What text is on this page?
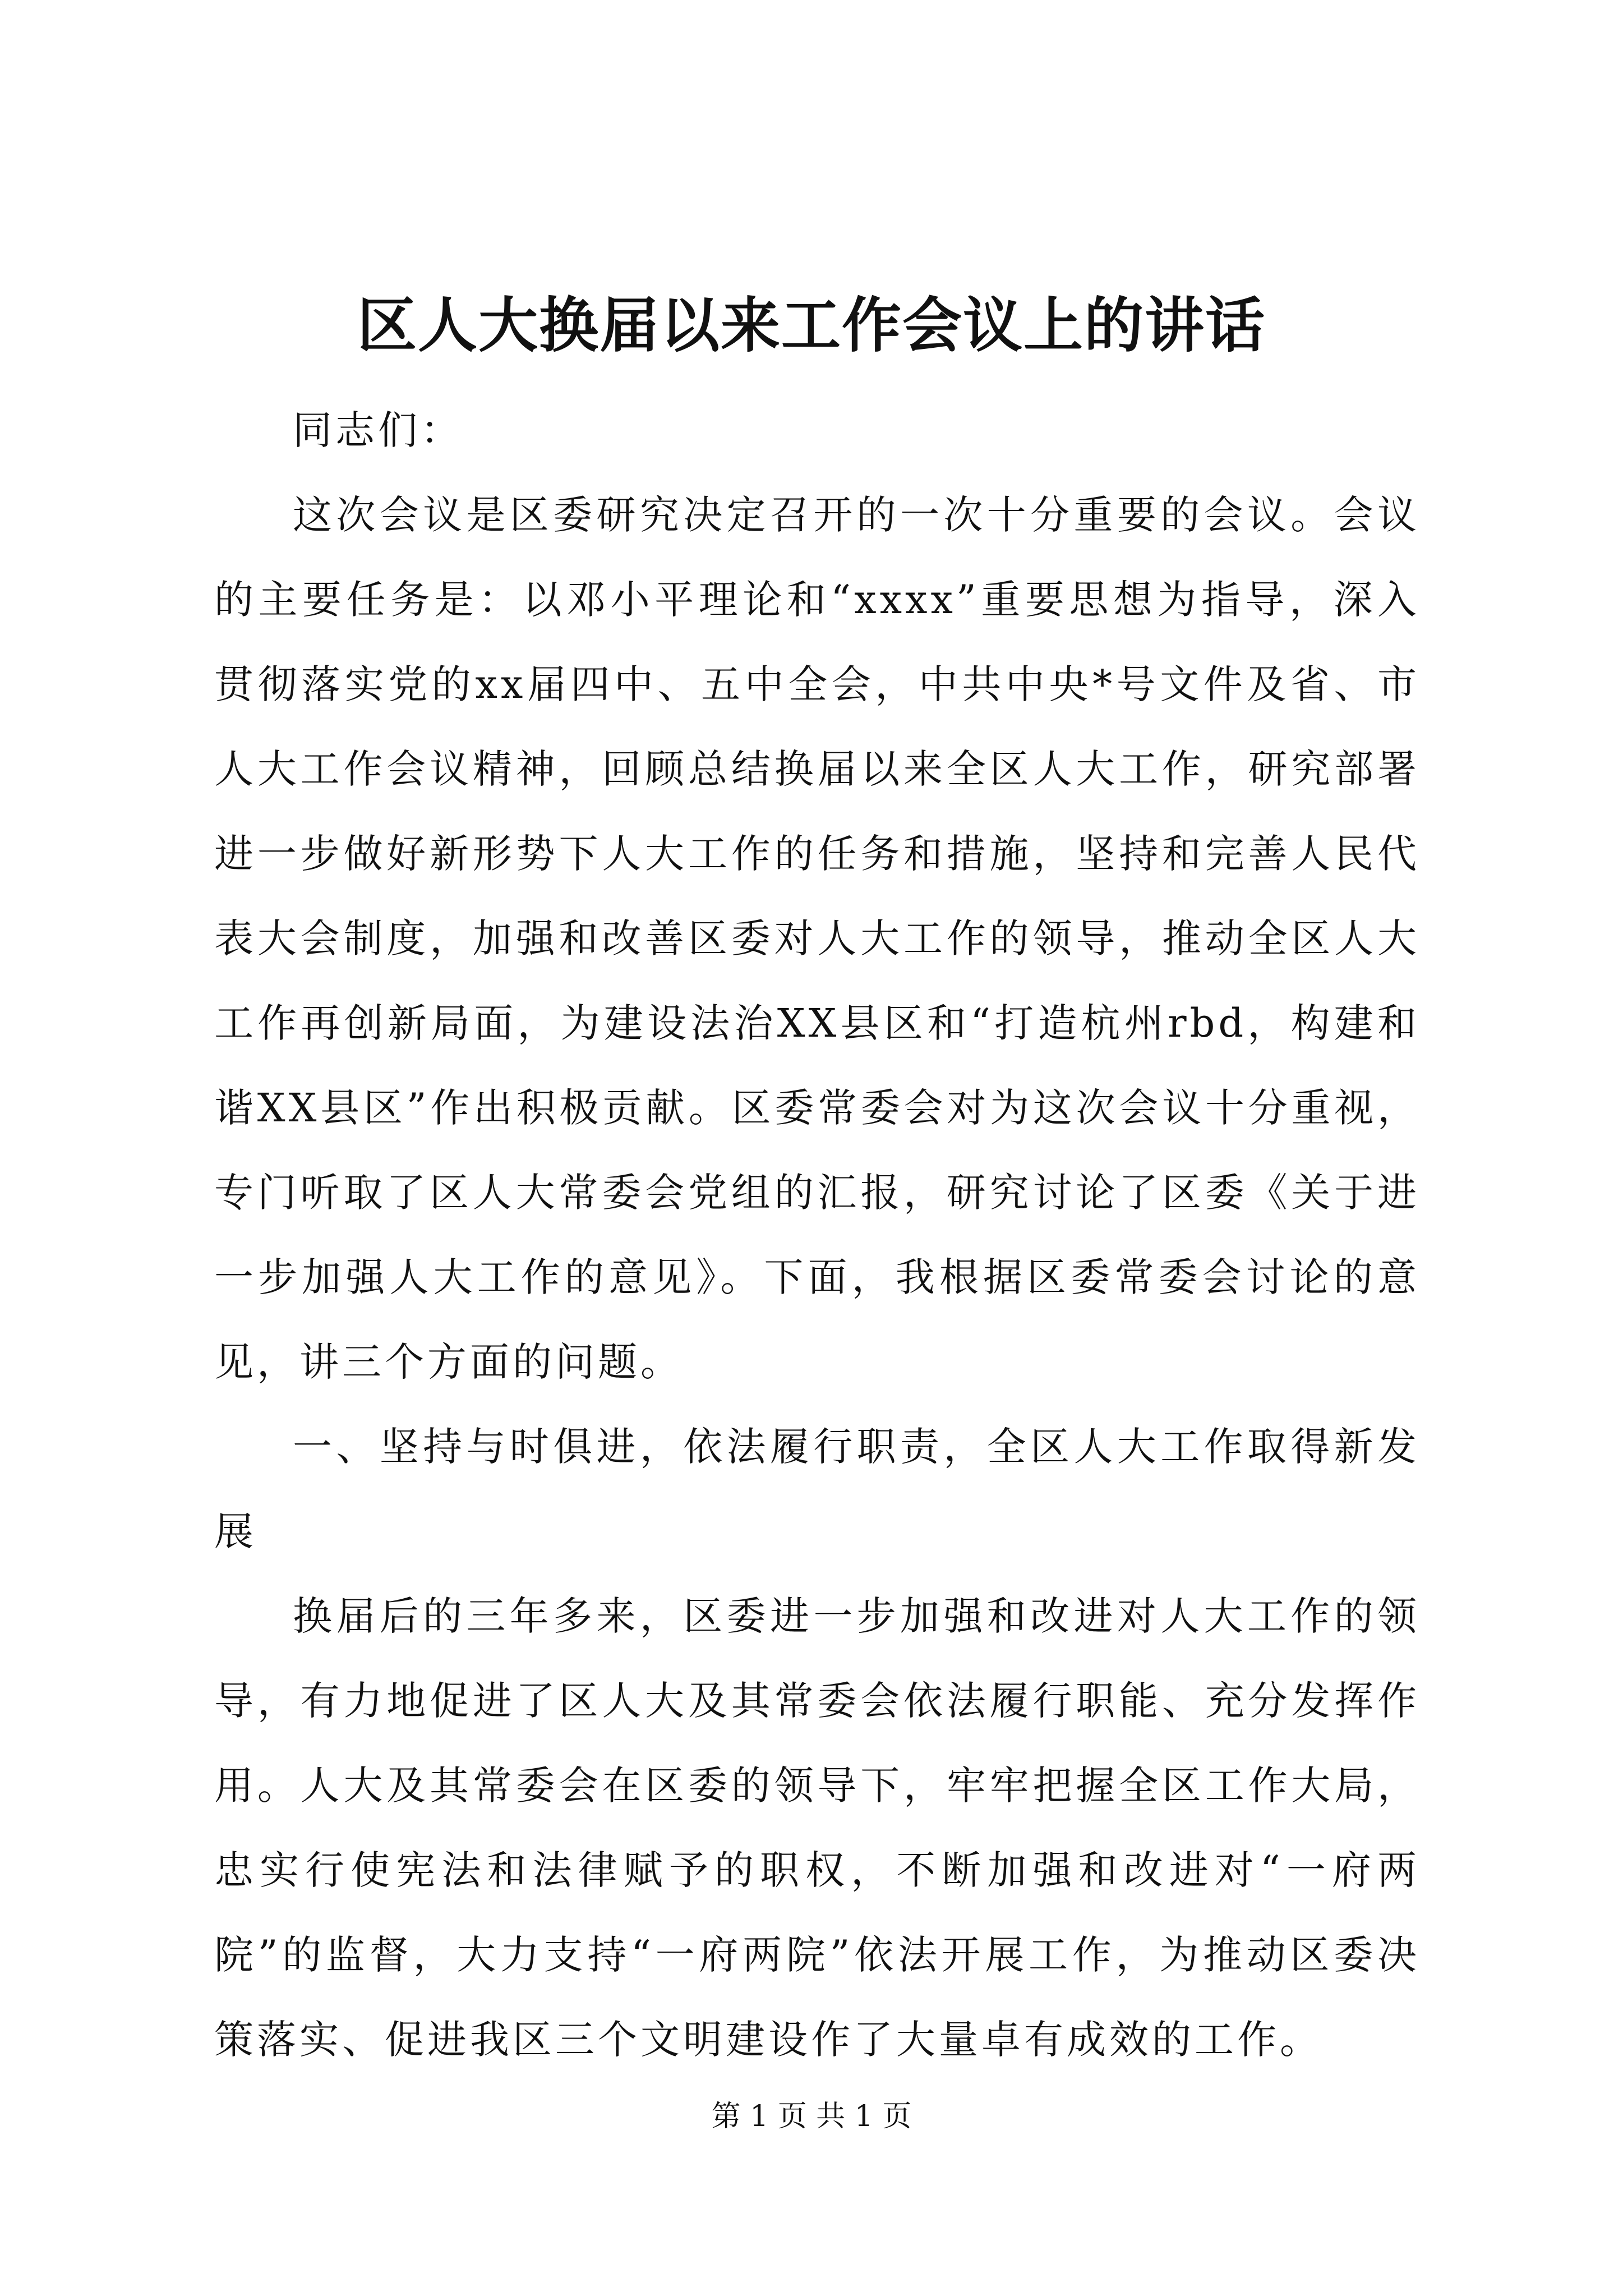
区人大换届以来工作会议上的讲话

同志们：

这次会议是区委研究决定召开的一次十分重要的会议。会议的主要任务是：以邓小平理论和“xxxx”重要思想为指导，深入贯彻落实党的xx届四中、五中全会，中共中央*号文件及省、市人大工作会议精神，回顾总结换届以来全区人大工作，研究部署进一步做好新形势下人大工作的任务和措施，坚持和完善人民代表大会制度，加强和改善区委对人大工作的领导，推动全区人大工作再创新局面，为建设法治XX县区和“打造杭州rbd，构建和谐XX县区”作出积极贡献。区委常委会对为这次会议十分重视，专门听取了区人大常委会党组的汇报，研究讨论了区委《关于进一步加强人大工作的意见》。下面，我根据区委常委会讨论的意见，讲三个方面的问题。

一、坚持与时俱进，依法履行职责，全区人大工作取得新发展

换届后的三年多来，区委进一步加强和改进对人大工作的领导，有力地促进了区人大及其常委会依法履行职能、充分发挥作用。人大及其常委会在区委的领导下，牢牢把握全区工作大局，忠实行使宪法和法律赋予的职权，不断加强和改进对“一府两院”的监督，大力支持“一府两院”依法开展工作，为推动区委决策落实、促进我区三个文明建设作了大量卓有成效的工作。

第 1 页 共 1 页
